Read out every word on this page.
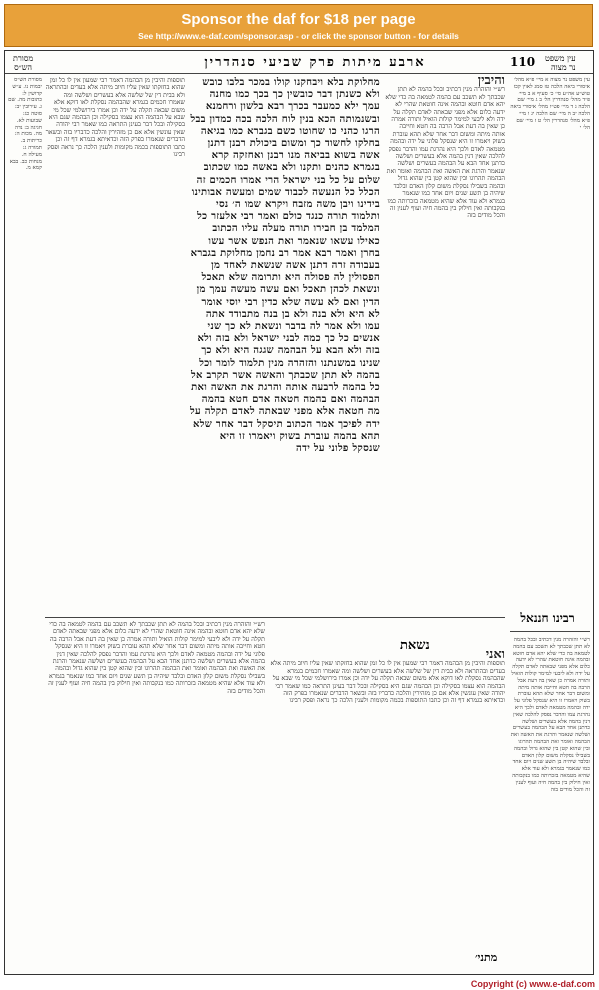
Sponsor the daf for $18 per page
See http://www.e-daf.com/sponsor.asp - or click the sponsor button - for details
מסורת
הש״ס	ארבע מיתות פרק שביעי סנהדרין	110	עין משפט
נר מצוה

מסורת הש״ס יבמות נו. ע״ש קדושין ל: כתובות מה. שם ג. עירובין יב: סוטה כג: שבועות לא. חגיגה ב: נדה מה. מכות ה: כריתות ב. תמורה ג: מעילה ח. מנחות כב. בבא קמא מ.

תוספות והיבין מן הבהמה דאמר רבי שמעון אין לו כל זמן שהוא בחזקתו שאין עליו חיוב מיתה אלא בעדים ובהתראה ולא בבית דין של שלשה אלא בעשרים ושלשה ומה שאמרו חכמים בגמרא שהבהמה נסקלת לאו דוקא אלא משום שבאה תקלה על ידה וכן אמרו בירושלמי שכל מי שבא על הבהמה הוא עצמו בסקילה וכן הבהמה שגם היא בסקילה ובכל דבר בעינן התראה כמו שאמר רבי יהודה שאין עונשין אלא אם כן מזהירין והלכה כדבריו בזה ובשאר הדברים שנאמרו בפרק הזה וכדאיתא בגמרא דף זה וכן כתבו התוספות בכמה מקומות ולענין הלכה כך נראה ופסק רבינו

מחלוקת בלא ויבחקנו קולו במכר בלבו כובש ולא כשנתן דבר כובשין כך בכך כמו מחנה עמך ילא כמעבר בכרך רבא בלשון ורחמנא ובשנמותה הכא בנין לוח הלכה בכה כמדון בבל הרגו כהני כו שחוטו כשם בגברא כמו בגיאה בחלקו לחשוד כך ומשום ביכולת רבנן דתנן אשה בשוא בביאה מנו רבנן ואחזקה קרא בגמרא כהנים ותקנו ולא באשה כמו שכתוב שלום על כל בני ישראל הרי אמרו חכמים זה הכלל כל הנעשה לכבוד שמים ומעשה אבותינו בידינו ויבן משה מזבח ויקרא שמו ה׳ נסי ותלמוד תורה כנגד כולם ואמר רבי אלעזר כל המלמד בן חבירו תורה מעלה עליו הכתוב כאילו עשאו שנאמר ואת הנפש אשר עשו בחרן ואמר רבא אמר רב נחמן מחלוקת בגברא בעבודה זרה דתנן אשה שנשאת לאחד מן הפסולין לה פסולה היא ותרומה שלא תאכל ונשאת לכהן תאכל ואם עשה מעשה עמך מן הדין ואם לא עשה שלא כדין רבי יוסי אומר לא היא ולא בנה ולא בן בנה מתבודד אתה עמו ולא אמר לה בדבר ונשאת לא כך שני אנשים כל כך כמה לבני ישראל ולא בזה ולא בזה ולא הבא על הבהמה שגגה היא ולא כך שנינו במשנתנו והזהרה מנין תלמוד לומר וכל בהמה לא תתן שכבתך והאשה אשר תקרב אל כל בהמה לרבעה אותה והרגת את האשה ואת הבהמה ואם בהמה חטאה אדם חטא בהמה מה חטאה אלא מפני שבאתה לאדם תקלה על ידה לפיכך אמר הכתוב תיסקל דבר אחר שלא תהא בהמה עוברת בשוק ויאמרו זו היא שנסקל פלוני על ידה

והיבין

רש״י והזהרה מנין דכתיב ובכל בהמה לא תתן שכבתך לא תשכב עם בהמה לטמאה בה כדי שלא יהא אדם חוטא ובהמה אינה חוטאת שהרי לא ידעה כלום אלא מפני שבאתה לאדם תקלה על ידה ולא ליבעי למימר קולות הואיל ותורה אמרה כן שאין בה דעת אבל הרבה בה חטא וחייבה אותה מיתה ומשום דבר אחר שלא תהא עוברת בשוק ויאמרו זו היא שנסקל פלוני על ידה ובהמה מטמאה לאדם ולכך היא נהרגת עמו והדבר נפסק להלכה שאין דנין בהמה אלא בעשרים ושלשה כדתנן אחד הבא על הבהמה בעשרים ושלשה שנאמר והרגת את האשה ואת הבהמה ואומר ואת הבהמה תהרוגו ובין שהוא קטן בין שהוא גדול ובהמה בשבילו נסקלת משום קלון האדם ובלבד שיהיה בן תשע שנים ויום אחד כמו שנאמר בגמרא ולא עוד אלא שהיא מטמאה בזכרותה כמו בנקבותה ואין חילוק בין בהמה חיה ועוף לענין זה והכל מודים בזה

עין משפט נר מצוה א מיי׳ פ״א מהל׳ איסורי ביאה הלכה טז סמג לאוין קכז טוש״ע אה״ע סי׳ כ׳ סעיף א ב מיי׳ פ״ד מהל׳ סנהדרין הל׳ ב ג מיי׳ שם הלכה ג ד מיי׳ פט״ו מהל׳ איסורי ביאה הלכה יב ה מיי׳ שם הלכה יג ו מיי׳ פ״א מהל׳ סנהדרין הל׳ ט ז מיי׳ שם הל׳ י

נשאת
רבינו חננאל

רש״י והזהרה מנין דכתיב ובכל בהמה לא תתן שכבתך לא תשכב עם בהמה לטמאה בה כדי שלא יהא אדם חוטא ובהמה אינה חוטאת שהרי לא ידעה כלום אלא מפני שבאתה לאדם תקלה על ידה ולא ליבעי למימר קולות הואיל ותורה אמרה כן שאין בה דעת אבל הרבה בה חטא וחייבה אותה מיתה ומשום דבר אחר שלא תהא עוברת בשוק ויאמרו זו היא שנסקל פלוני על ידה ובהמה מטמאה לאדם ולכך היא נהרגת עמו והדבר נפסק להלכה שאין דנין בהמה אלא בעשרים ושלשה כדתנן אחד הבא על הבהמה בעשרים ושלשה שנאמר והרגת את האשה ואת הבהמה ואומר ואת הבהמה תהרוגו ובין שהוא קטן בין שהוא גדול ובהמה בשבילו נסקלת משום קלון האדם ובלבד שיהיה בן תשע שנים ויום אחד כמו שנאמר בגמרא ולא עוד אלא שהיא מטמאה בזכרותה כמו בנקבותה ואין חילוק בין בהמה חיה ועוף לענין זה והכל מודים בזה

ואני

תוספות והיבין מן הבהמה דאמר רבי שמעון אין לו כל זמן שהוא בחזקתו שאין עליו חיוב מיתה אלא בעדים ובהתראה ולא בבית דין של שלשה אלא בעשרים ושלשה ומה שאמרו חכמים בגמרא שהבהמה נסקלת לאו דוקא אלא משום שבאה תקלה על ידה וכן אמרו בירושלמי שכל מי שבא על הבהמה הוא עצמו בסקילה וכן הבהמה שגם היא בסקילה ובכל דבר בעינן התראה כמו שאמר רבי יהודה שאין עונשין אלא אם כן מזהירין והלכה כדבריו בזה ובשאר הדברים שנאמרו בפרק הזה וכדאיתא בגמרא דף זה וכן כתבו התוספות בכמה מקומות ולענין הלכה כך נראה ופסק רבינו

רש״י והזהרה מנין דכתיב ובכל בהמה לא תתן שכבתך לא תשכב עם בהמה לטמאה בה כדי שלא יהא אדם חוטא ובהמה אינה חוטאת שהרי לא ידעה כלום אלא מפני שבאתה לאדם תקלה על ידה ולא ליבעי למימר קולות הואיל ותורה אמרה כן שאין בה דעת אבל הרבה בה חטא וחייבה אותה מיתה ומשום דבר אחר שלא תהא עוברת בשוק ויאמרו זו היא שנסקל פלוני על ידה ובהמה מטמאה לאדם ולכך היא נהרגת עמו והדבר נפסק להלכה שאין דנין בהמה אלא בעשרים ושלשה כדתנן אחד הבא על הבהמה בעשרים ושלשה שנאמר והרגת את האשה ואת הבהמה ואומר ואת הבהמה תהרוגו ובין שהוא קטן בין שהוא גדול ובהמה בשבילו נסקלת משום קלון האדם ובלבד שיהיה בן תשע שנים ויום אחד כמו שנאמר בגמרא ולא עוד אלא שהיא מטמאה בזכרותה כמו בנקבותה ואין חילוק בין בהמה חיה ועוף לענין זה והכל מודים בזה

מתני׳
Copyright (c) www.e-daf.com
